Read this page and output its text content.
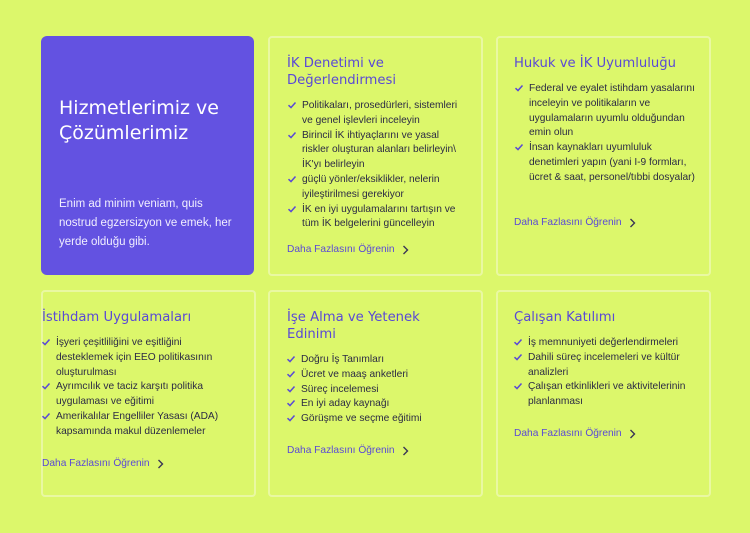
Hizmetlerimiz ve Çözümlerimiz

Enim ad minim veniam, quis nostrud egzersizyon ve emek, her yerde olduğu gibi.

İK Denetimi ve Değerlendirmesi
Politikaları, prosedürleri, sistemleri ve genel işlevleri inceleyin
Birincil İK ihtiyaçlarını ve yasal riskler oluşturan alanları belirleyin\ İK'yı belirleyin
güçlü yönler/eksiklikler, nelerin iyileştirilmesi gerekiyor
İK en iyi uygulamalarını tartışın ve tüm İK belgelerini güncelleyin
Daha Fazlasını Öğrenin
Hukuk ve İK Uyumluluğu
Federal ve eyalet istihdam yasalarını inceleyin ve politikaların ve uygulamaların uyumlu olduğundan emin olun
İnsan kaynakları uyumluluk denetimleri yapın (yani I-9 formları, ücret & saat, personel/tıbbi dosyalar)
Daha Fazlasını Öğrenin
İstihdam Uygulamaları
İşyeri çeşitliliğini ve eşitliğini desteklemek için EEO politikasının oluşturulması
Ayrımcılık ve taciz karşıtı politika uygulaması ve eğitimi
Amerikalılar Engelliler Yasası (ADA) kapsamında makul düzenlemeler
Daha Fazlasını Öğrenin
İşe Alma ve Yetenek Edinimi
Doğru İş Tanımları
Ücret ve maaş anketleri
Süreç incelemesi
En iyi aday kaynağı
Görüşme ve seçme eğitimi
Daha Fazlasını Öğrenin
Çalışan Katılımı
İş memnuniyeti değerlendirmeleri
Dahili süreç incelemeleri ve kültür analizleri
Çalışan etkinlikleri ve aktivitelerinin planlanması
Daha Fazlasını Öğrenin
